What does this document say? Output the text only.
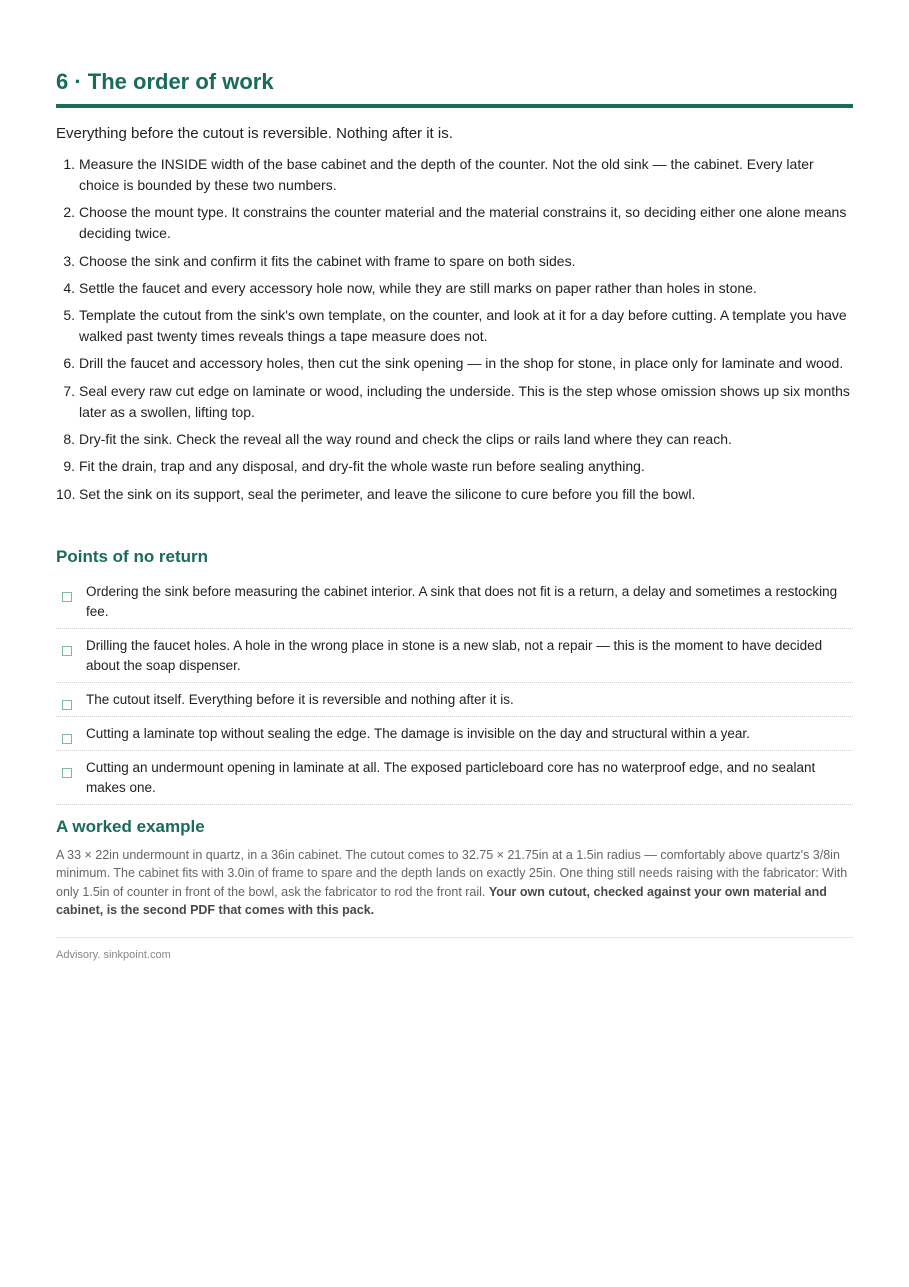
6 · The order of work

Everything before the cutout is reversible. Nothing after it is.

1. Measure the INSIDE width of the base cabinet and the depth of the counter. Not the old sink — the cabinet. Every later choice is bounded by these two numbers.
2. Choose the mount type. It constrains the counter material and the material constrains it, so deciding either one alone means deciding twice.
3. Choose the sink and confirm it fits the cabinet with frame to spare on both sides.
4. Settle the faucet and every accessory hole now, while they are still marks on paper rather than holes in stone.
5. Template the cutout from the sink's own template, on the counter, and look at it for a day before cutting. A template you have walked past twenty times reveals things a tape measure does not.
6. Drill the faucet and accessory holes, then cut the sink opening — in the shop for stone, in place only for laminate and wood.
7. Seal every raw cut edge on laminate or wood, including the underside. This is the step whose omission shows up six months later as a swollen, lifting top.
8. Dry-fit the sink. Check the reveal all the way round and check the clips or rails land where they can reach.
9. Fit the drain, trap and any disposal, and dry-fit the whole waste run before sealing anything.
10. Set the sink on its support, seal the perimeter, and leave the silicone to cure before you fill the bowl.
Points of no return
Ordering the sink before measuring the cabinet interior. A sink that does not fit is a return, a delay and sometimes a restocking fee.
Drilling the faucet holes. A hole in the wrong place in stone is a new slab, not a repair — this is the moment to have decided about the soap dispenser.
The cutout itself. Everything before it is reversible and nothing after it is.
Cutting a laminate top without sealing the edge. The damage is invisible on the day and structural within a year.
Cutting an undermount opening in laminate at all. The exposed particleboard core has no waterproof edge, and no sealant makes one.
A worked example

A 33 × 22in undermount in quartz, in a 36in cabinet. The cutout comes to 32.75 × 21.75in at a 1.5in radius — comfortably above quartz's 3/8in minimum. The cabinet fits with 3.0in of frame to spare and the depth lands on exactly 25in. One thing still needs raising with the fabricator: With only 1.5in of counter in front of the bowl, ask the fabricator to rod the front rail. Your own cutout, checked against your own material and cabinet, is the second PDF that comes with this pack.

Advisory. sinkpoint.com
